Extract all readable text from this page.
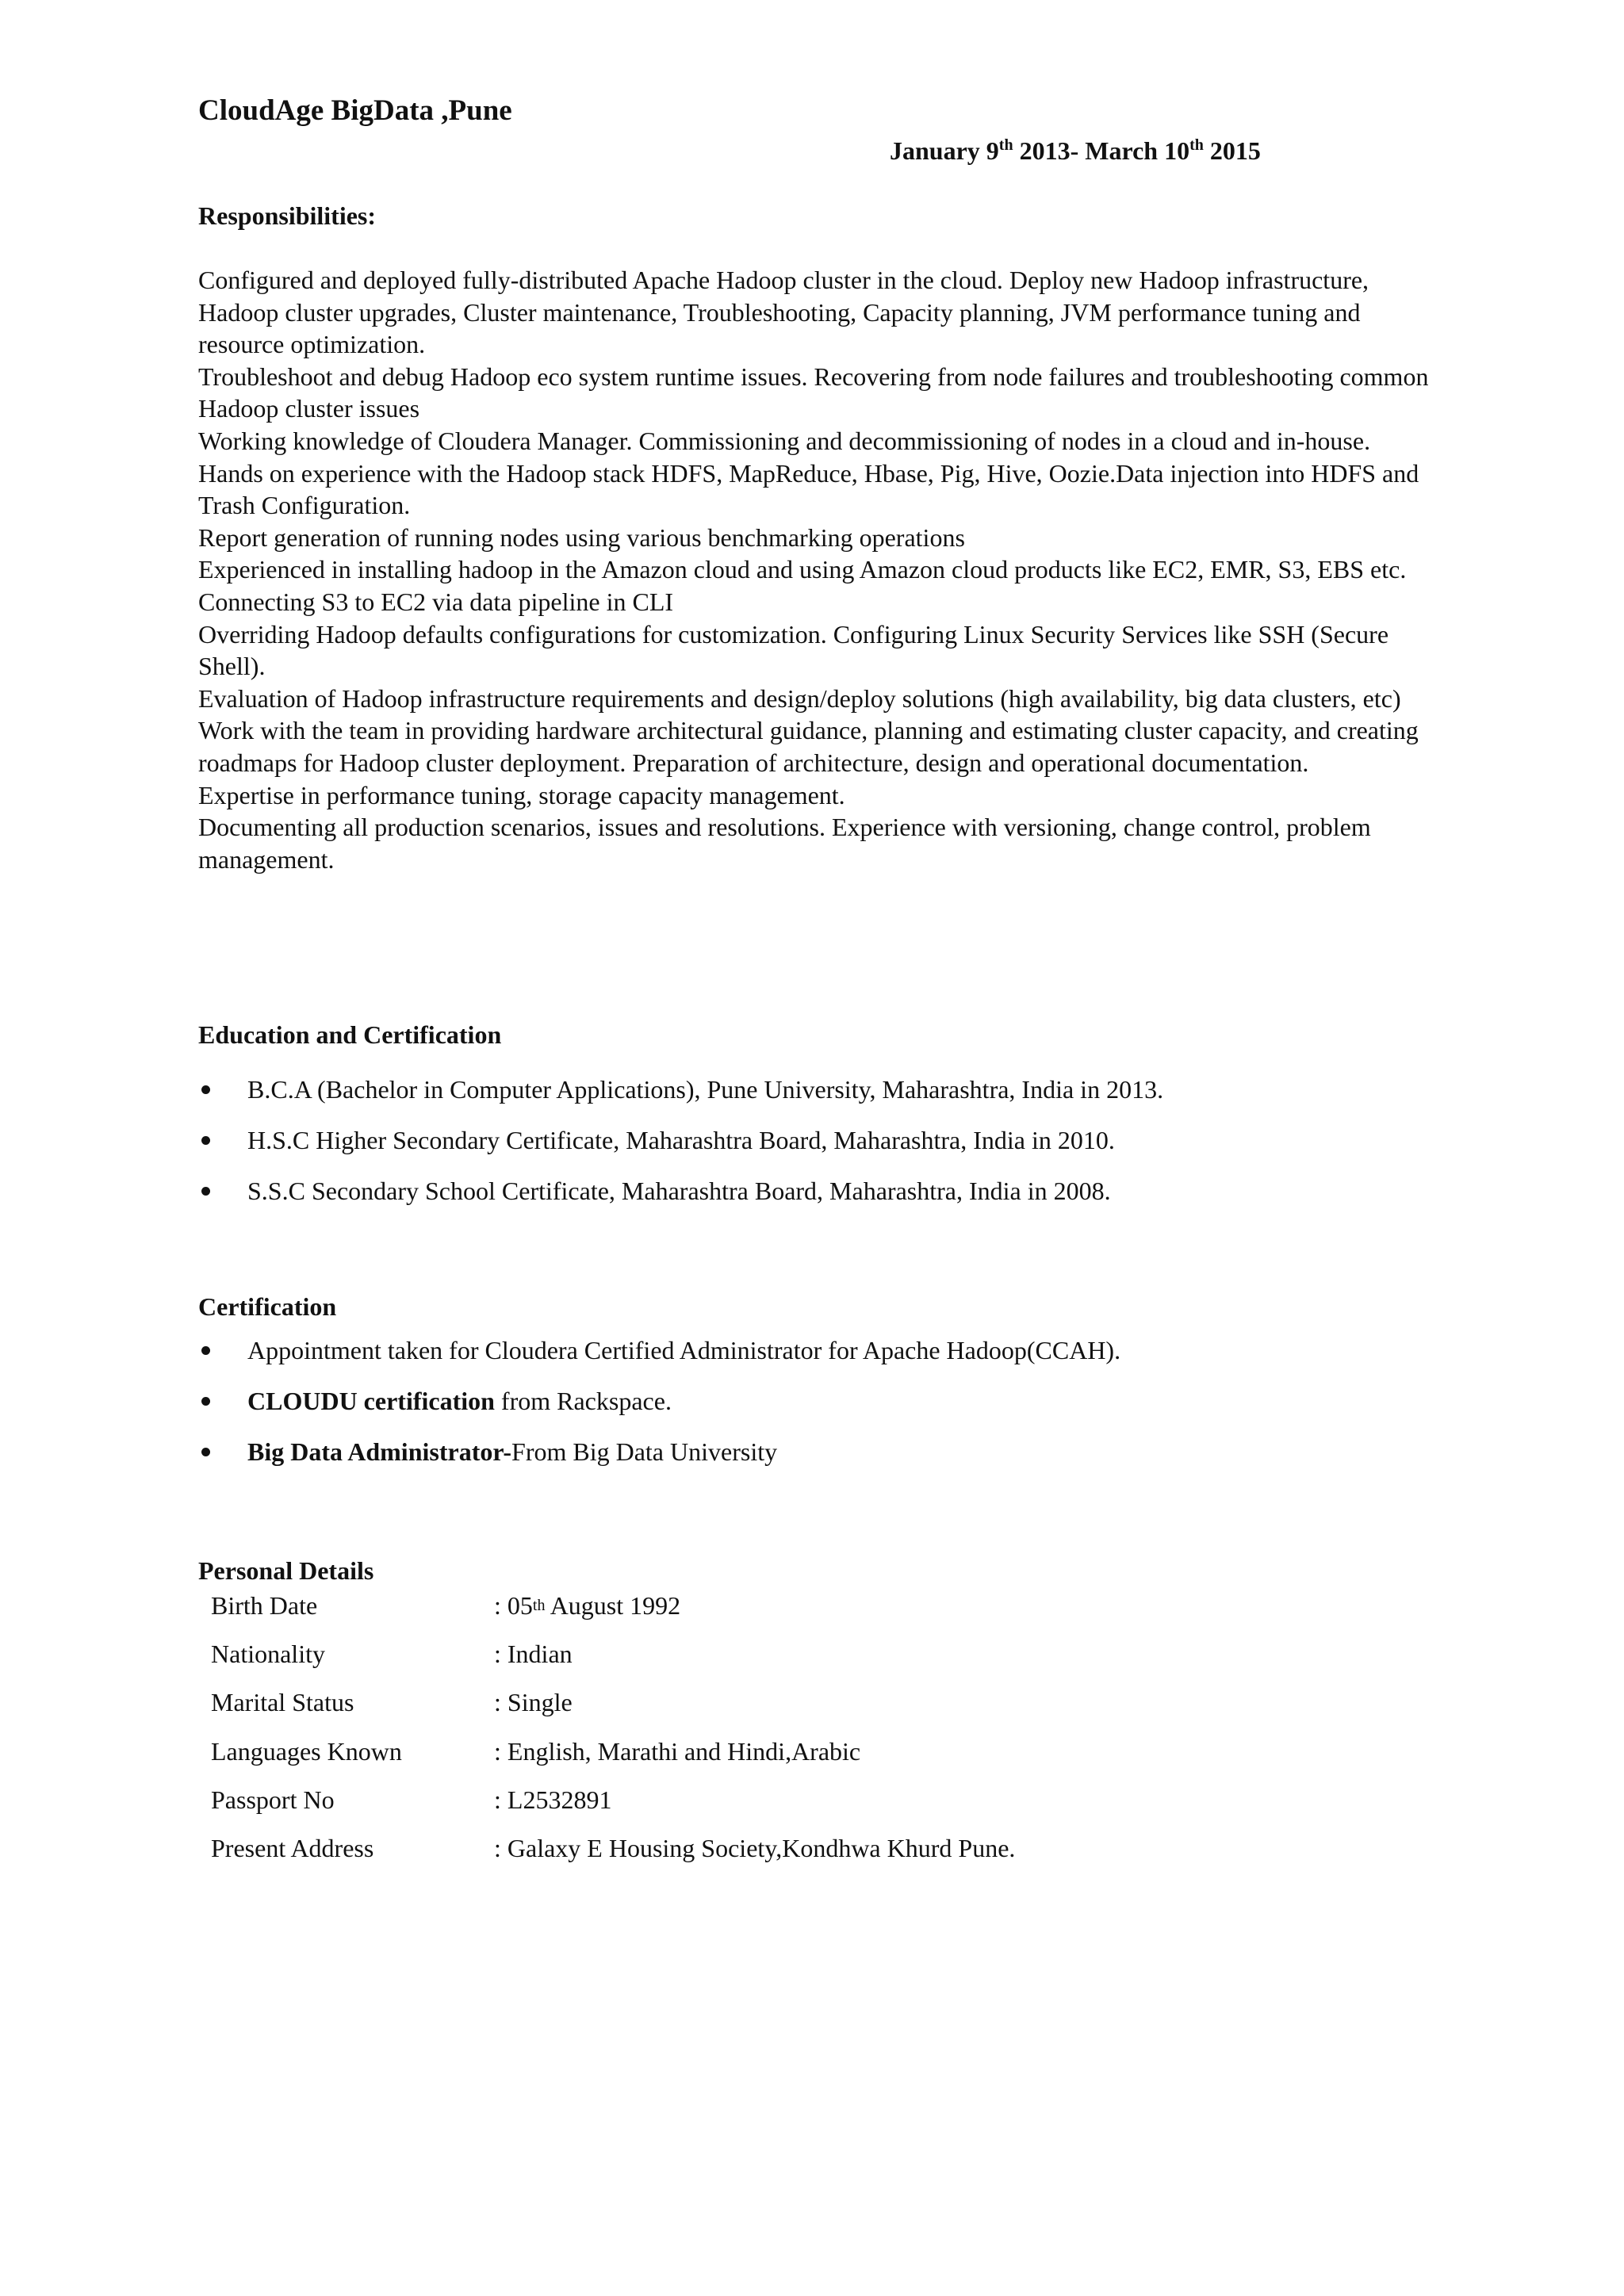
CloudAge BigData ,Pune

January 9th 2013- March 10th 2015

Responsibilities:
Configured and deployed fully-distributed Apache Hadoop cluster in the cloud. Deploy new Hadoop infrastructure, Hadoop cluster upgrades, Cluster maintenance, Troubleshooting, Capacity planning, JVM performance tuning and resource optimization.
Troubleshoot and debug Hadoop eco system runtime issues. Recovering from node failures and troubleshooting common Hadoop cluster issues
Working knowledge of Cloudera Manager. Commissioning and decommissioning of nodes in a cloud and in-house.
Hands on experience with the Hadoop stack HDFS, MapReduce, Hbase, Pig, Hive, Oozie.Data injection into HDFS and Trash Configuration.
Report generation of running nodes using various benchmarking operations
Experienced in installing hadoop in the Amazon cloud and using Amazon cloud products like EC2, EMR, S3, EBS etc. Connecting S3 to EC2 via data pipeline in CLI
Overriding Hadoop defaults configurations for customization. Configuring Linux Security Services like SSH (Secure Shell).
Evaluation of Hadoop infrastructure requirements and design/deploy solutions (high availability, big data clusters, etc)
Work with the team in providing hardware architectural guidance, planning and estimating cluster capacity, and creating roadmaps for Hadoop cluster deployment. Preparation of architecture, design and operational documentation.
Expertise in performance tuning, storage capacity management.
Documenting all production scenarios, issues and resolutions. Experience with versioning, change control, problem management.
Education and Certification
B.C.A (Bachelor in Computer Applications), Pune University, Maharashtra, India in 2013.
H.S.C Higher Secondary Certificate, Maharashtra Board, Maharashtra, India in 2010.
S.S.C Secondary School Certificate, Maharashtra Board, Maharashtra, India in 2008.
Certification
Appointment taken for Cloudera Certified Administrator for Apache Hadoop(CCAH).
CLOUDU certification from Rackspace.
Big Data Administrator-From Big Data University
Personal Details
Birth Date	: 05th August 1992
Nationality	: Indian
Marital Status	: Single
Languages Known	: English, Marathi and Hindi,Arabic
Passport No	: L2532891
Present Address	: Galaxy E Housing Society,Kondhwa Khurd Pune.
